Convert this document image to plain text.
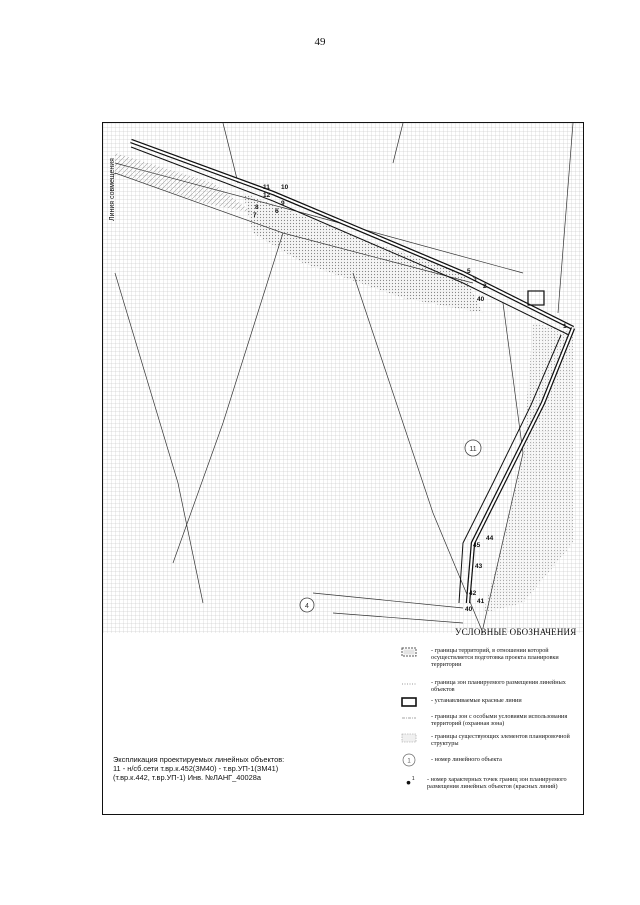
49
11
12
10
9
8
6
7
5
3
2
1
40
44
45
43
42
41
40
11
4
Линия совмещения
УСЛОВНЫЕ ОБОЗНАЧЕНИЯ
- границы территорий, в отношении которой осуществляется подготовка проекта планировки территории
- граница зон планируемого размещения линейных объектов
- устанавливаемые красные линии
- границы зон с особыми условиями использования территорий (охранная зона)
- границы существующих элементов планировочной структуры
1	- номер линейного объекта
1 - номер характерных точек границ зон планируемого размещения линейных объектов (красных линий)
Экспликация проектируемых линейных объектов:
11 - н/сб.сети т.вр.к.452(ЗМ40) - т.вр.УП-1(ЗМ41)
(т.вр.к.442, т.вр.УП-1) Инв. №ЛАНГ_40028а
